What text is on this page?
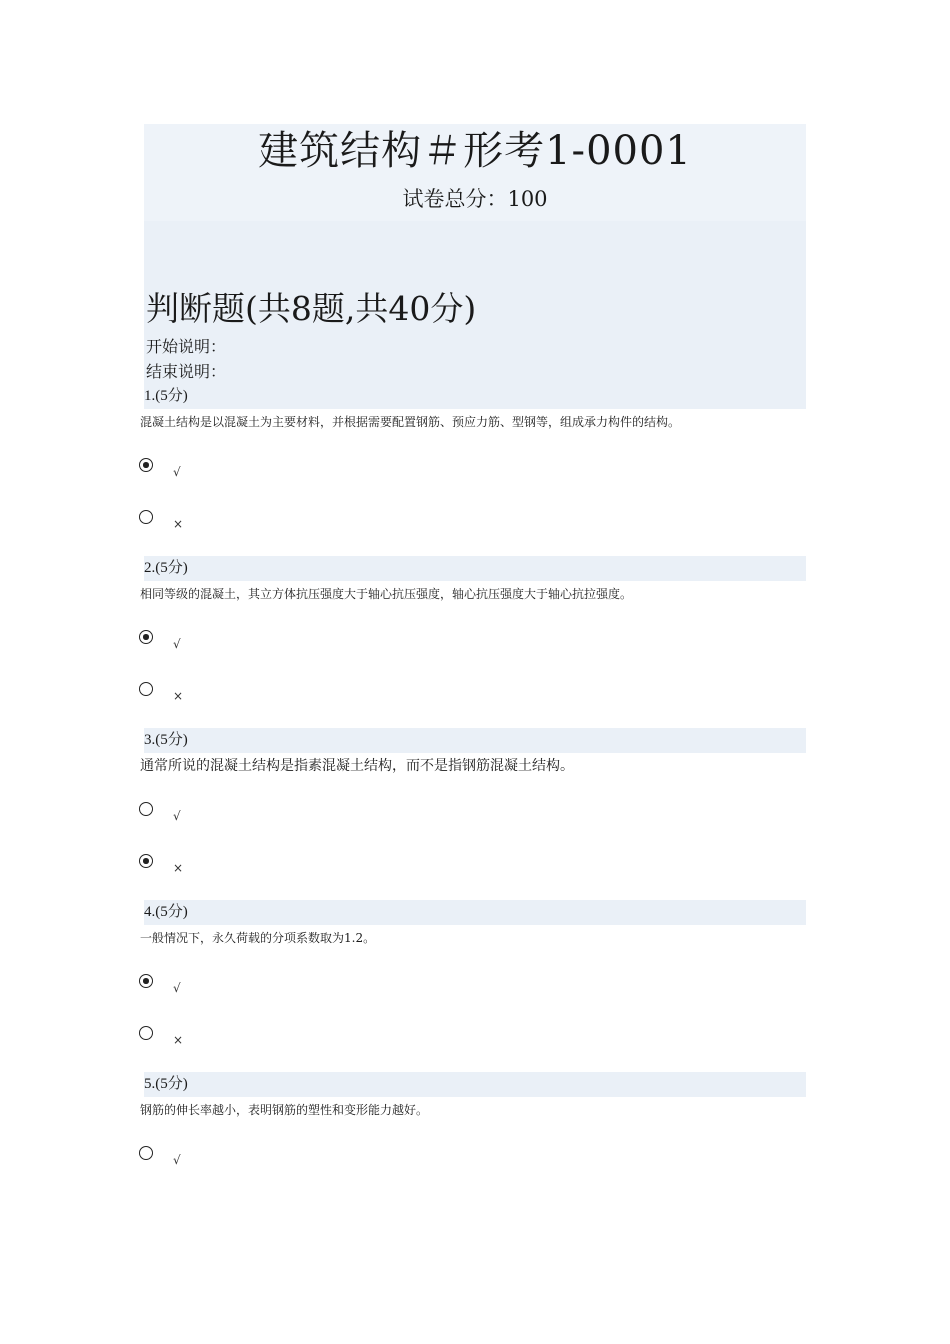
建筑结构＃形考1-0001
试卷总分：100
判断题(共8题,共40分)
开始说明：
结束说明：
1.(5分)
混凝土结构是以混凝土为主要材料，并根据需要配置钢筋、预应力筋、型钢等，组成承力构件的结构。
√
×
2.(5分)
相同等级的混凝土，其立方体抗压强度大于轴心抗压强度，轴心抗压强度大于轴心抗拉强度。
√
×
3.(5分)
通常所说的混凝土结构是指素混凝土结构，而不是指钢筋混凝土结构。
√
×
4.(5分)
一般情况下，永久荷载的分项系数取为1.2。
√
×
5.(5分)
钢筋的伸长率越小，表明钢筋的塑性和变形能力越好。
√
